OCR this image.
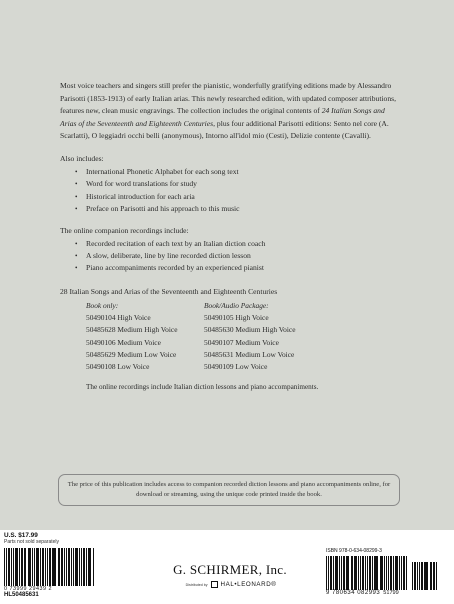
Most voice teachers and singers still prefer the pianistic, wonderfully gratifying editions made by Alessandro Parisotti (1853-1913) of early Italian arias. This newly researched edition, with updated composer attributions, features new, clean music engravings. The collection includes the original contents of 24 Italian Songs and Arias of the Seventeenth and Eighteenth Centuries, plus four additional Parisotti editions: Sento nel core (A. Scarlatti), O leggiadri occhi belli (anonymous), Intorno all'idol mio (Cesti), Delizie contente (Cavalli).

Also includes:

• International Phonetic Alphabet for each song text
• Word for word translations for study
• Historical introduction for each aria
• Preface on Parisotti and his approach to this music

The online companion recordings include:

• Recorded recitation of each text by an Italian diction coach
• A slow, deliberate, line by line recorded diction lesson
• Piano accompaniments recorded by an experienced pianist

28 Italian Songs and Arias of the Seventeenth and Eighteenth Centuries

Book only:
50490104 High Voice
50485628 Medium High Voice
50490106 Medium Voice
50485629 Medium Low Voice
50490108 Low Voice
Book/Audio Package:
50490105 High Voice
50485630 Medium High Voice
50490107 Medium Voice
50485631 Medium Low Voice
50490109 Low Voice

The online recordings include Italian diction lessons and piano accompaniments.

The price of this publication includes access to companion recorded diction lessons and piano accompaniments online, for download or streaming, using the unique code printed inside the book.
U.S. $17.99
Parts not sold separately
0 73999 29439 2
HL50485631
G. SCHIRMER, Inc.
Distributed by HAL•LEONARD®
ISBN 978-0-634-08299-3
9 780634 082993 51799
